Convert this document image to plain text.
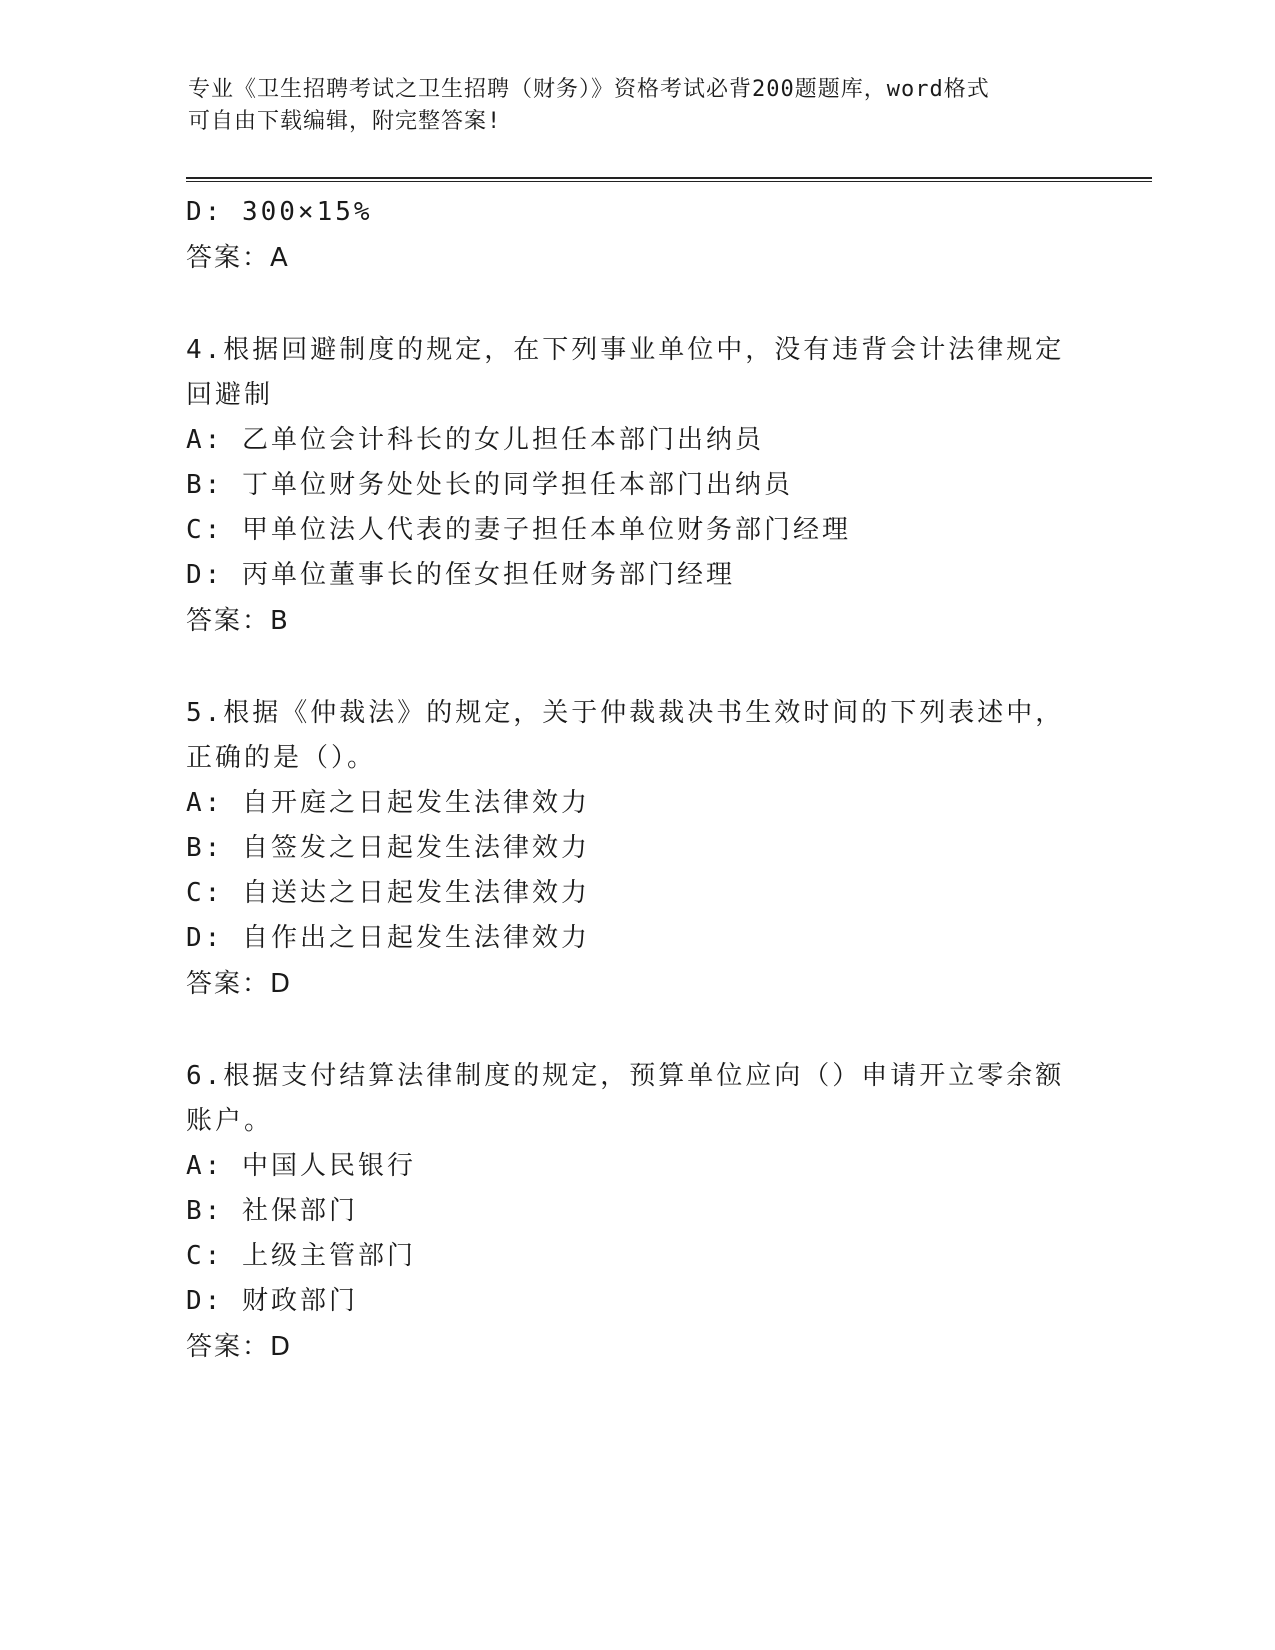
专业《卫生招聘考试之卫生招聘（财务）》资格考试必背200题题库，word格式
可自由下载编辑，附完整答案!
D: 300×15%
答案：A
4.根据回避制度的规定，在下列事业单位中，没有违背会计法律规定
回避制
A: 乙单位会计科长的女儿担任本部门出纳员
B: 丁单位财务处处长的同学担任本部门出纳员
C: 甲单位法人代表的妻子担任本单位财务部门经理
D: 丙单位董事长的侄女担任财务部门经理
答案：B
5.根据《仲裁法》的规定，关于仲裁裁决书生效时间的下列表述中，
正确的是（）。
A: 自开庭之日起发生法律效力
B: 自签发之日起发生法律效力
C: 自送达之日起发生法律效力
D: 自作出之日起发生法律效力
答案：D
6.根据支付结算法律制度的规定，预算单位应向（）申请开立零余额
账户。
A: 中国人民银行
B: 社保部门
C: 上级主管部门
D: 财政部门
答案：D
